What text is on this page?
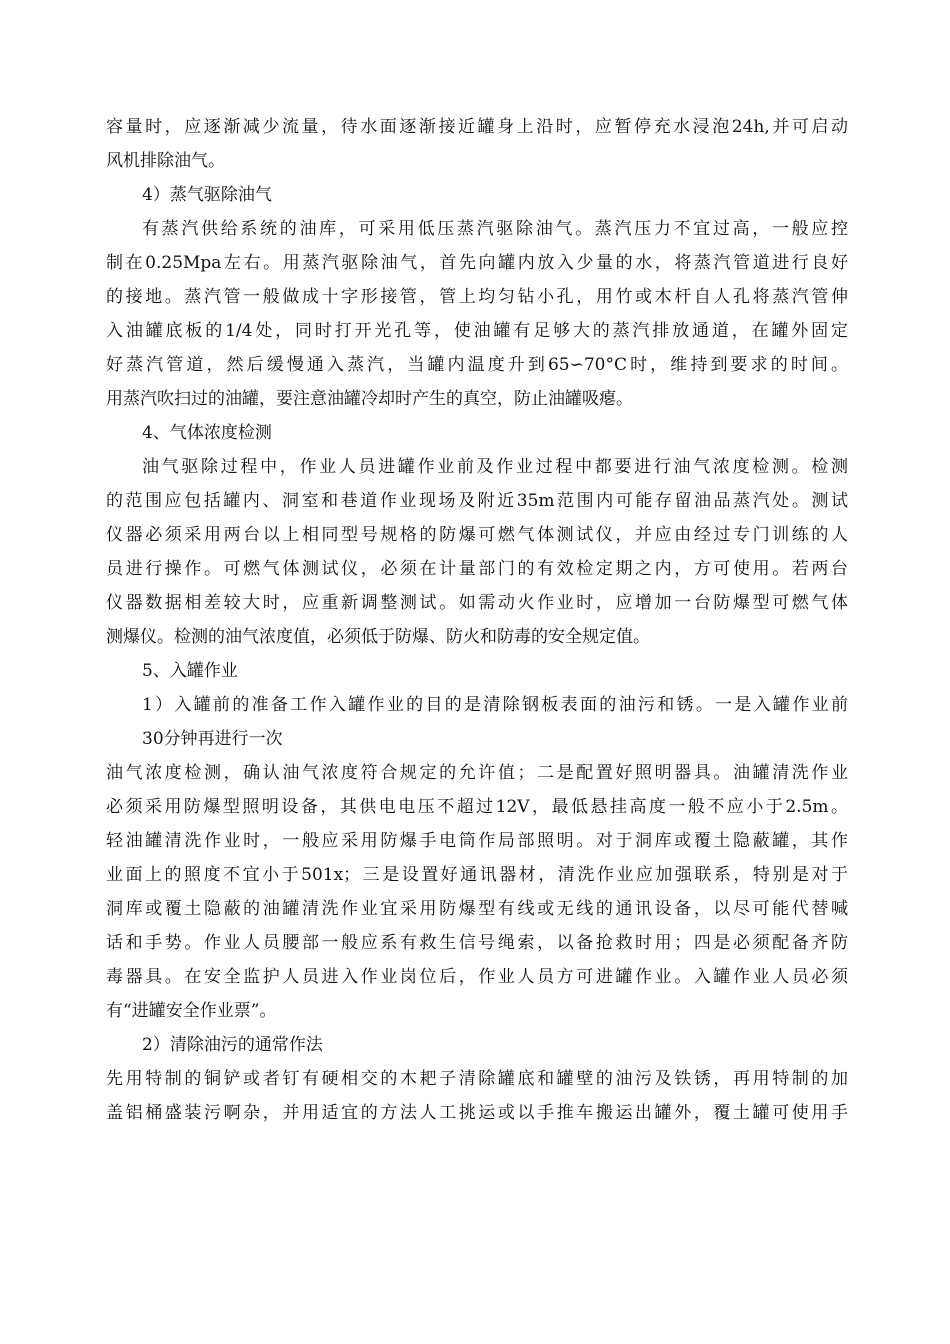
容量时，应逐渐减少流量，待水面逐渐接近罐身上沿时，应暂停充水浸泡24h,并可启动
风机排除油气。
4）蒸气驱除油气
有蒸汽供给系统的油库，可采用低压蒸汽驱除油气。蒸汽压力不宜过高，一般应控
制在0.25Mpa左右。用蒸汽驱除油气，首先向罐内放入少量的水，将蒸汽管道进行良好
的接地。蒸汽管一般做成十字形接管，管上均匀钻小孔，用竹或木杆自人孔将蒸汽管伸
入油罐底板的1/4处，同时打开光孔等，使油罐有足够大的蒸汽排放通道，在罐外固定
好蒸汽管道，然后缓慢通入蒸汽，当罐内温度升到65∽70°C时，维持到要求的时间。
用蒸汽吹扫过的油罐，要注意油罐冷却时产生的真空，防止油罐吸瘪。
4、气体浓度检测
油气驱除过程中，作业人员进罐作业前及作业过程中都要进行油气浓度检测。检测
的范围应包括罐内、洞室和巷道作业现场及附近35m范围内可能存留油品蒸汽处。测试
仪器必须采用两台以上相同型号规格的防爆可燃气体测试仪，并应由经过专门训练的人
员进行操作。可燃气体测试仪，必须在计量部门的有效检定期之内，方可使用。若两台
仪器数据相差较大时，应重新调整测试。如需动火作业时，应增加一台防爆型可燃气体
测爆仪。检测的油气浓度值，必须低于防爆、防火和防毒的安全规定值。
5、入罐作业
1）入罐前的准备工作入罐作业的目的是清除钢板表面的油污和锈。一是入罐作业前
30分钟再进行一次
油气浓度检测，确认油气浓度符合规定的允许值；二是配置好照明器具。油罐清洗作业
必须采用防爆型照明设备，其供电电压不超过12V，最低悬挂高度一般不应小于2.5m。
轻油罐清洗作业时，一般应采用防爆手电筒作局部照明。对于洞库或覆土隐蔽罐，其作
业面上的照度不宜小于501x；三是设置好通讯器材，清洗作业应加强联系，特别是对于
洞库或覆土隐蔽的油罐清洗作业宜采用防爆型有线或无线的通讯设备，以尽可能代替喊
话和手势。作业人员腰部一般应系有救生信号绳索，以备抢救时用；四是必须配备齐防
毒器具。在安全监护人员进入作业岗位后，作业人员方可进罐作业。入罐作业人员必须
有“进罐安全作业票”。
2）清除油污的通常作法
先用特制的铜铲或者钉有硬相交的木耙子清除罐底和罐壁的油污及铁锈，再用特制的加
盖铝桶盛装污啊杂，并用适宜的方法人工挑运或以手推车搬运出罐外，覆土罐可使用手
